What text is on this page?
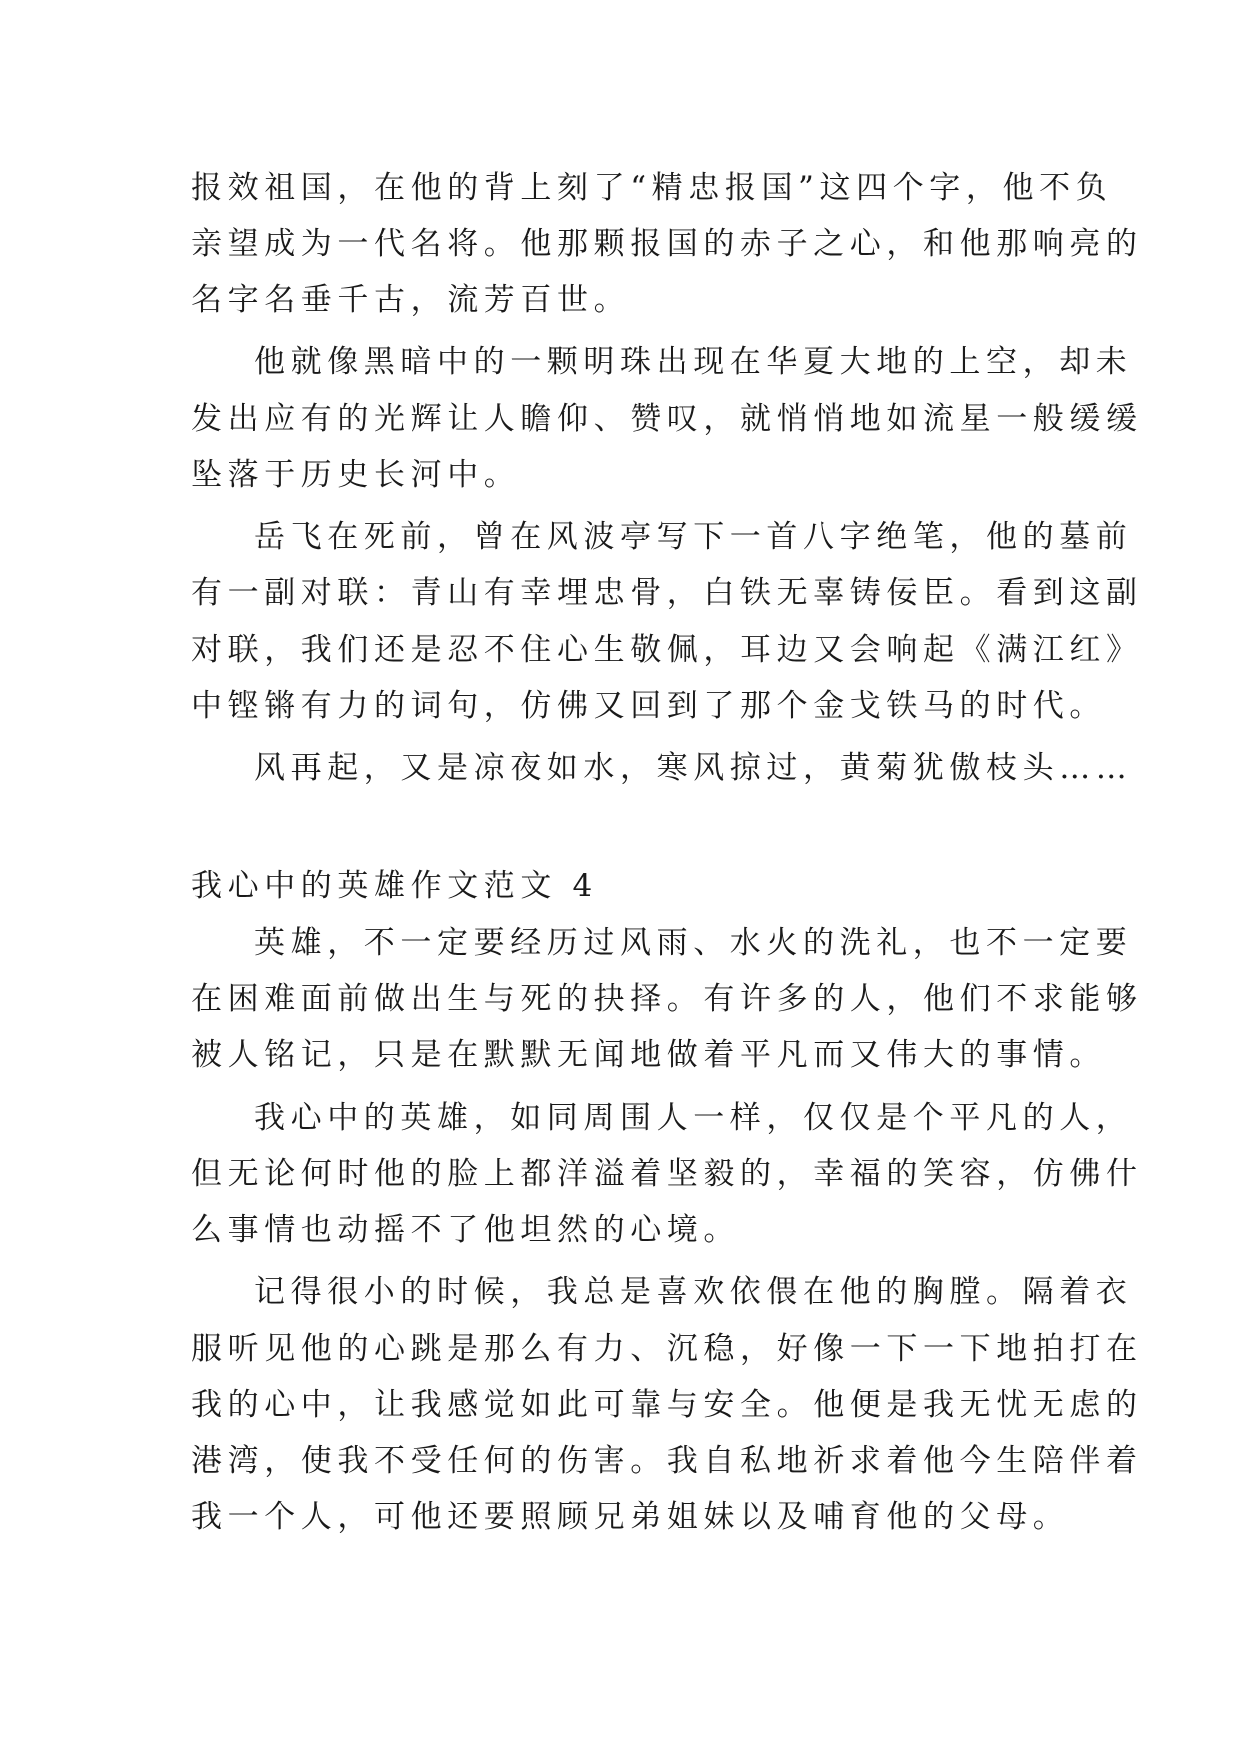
报效祖国，在他的背上刻了“精忠报国”这四个字，他不负
亲望成为一代名将。他那颗报国的赤子之心，和他那响亮的
名字名垂千古，流芳百世。
他就像黑暗中的一颗明珠出现在华夏大地的上空，却未
发出应有的光辉让人瞻仰、赞叹，就悄悄地如流星一般缓缓
坠落于历史长河中。
岳飞在死前，曾在风波亭写下一首八字绝笔，他的墓前
有一副对联：青山有幸埋忠骨，白铁无辜铸佞臣。看到这副
对联，我们还是忍不住心生敬佩，耳边又会响起《满江红》
中铿锵有力的词句，仿佛又回到了那个金戈铁马的时代。
风再起，又是凉夜如水，寒风掠过，黄菊犹傲枝头……
我心中的英雄作文范文 4
英雄，不一定要经历过风雨、水火的洗礼，也不一定要
在困难面前做出生与死的抉择。有许多的人，他们不求能够
被人铭记，只是在默默无闻地做着平凡而又伟大的事情。
我心中的英雄，如同周围人一样，仅仅是个平凡的人，
但无论何时他的脸上都洋溢着坚毅的，幸福的笑容，仿佛什
么事情也动摇不了他坦然的心境。
记得很小的时候，我总是喜欢依偎在他的胸膛。隔着衣
服听见他的心跳是那么有力、沉稳，好像一下一下地拍打在
我的心中，让我感觉如此可靠与安全。他便是我无忧无虑的
港湾，使我不受任何的伤害。我自私地祈求着他今生陪伴着
我一个人，可他还要照顾兄弟姐妹以及哺育他的父母。
